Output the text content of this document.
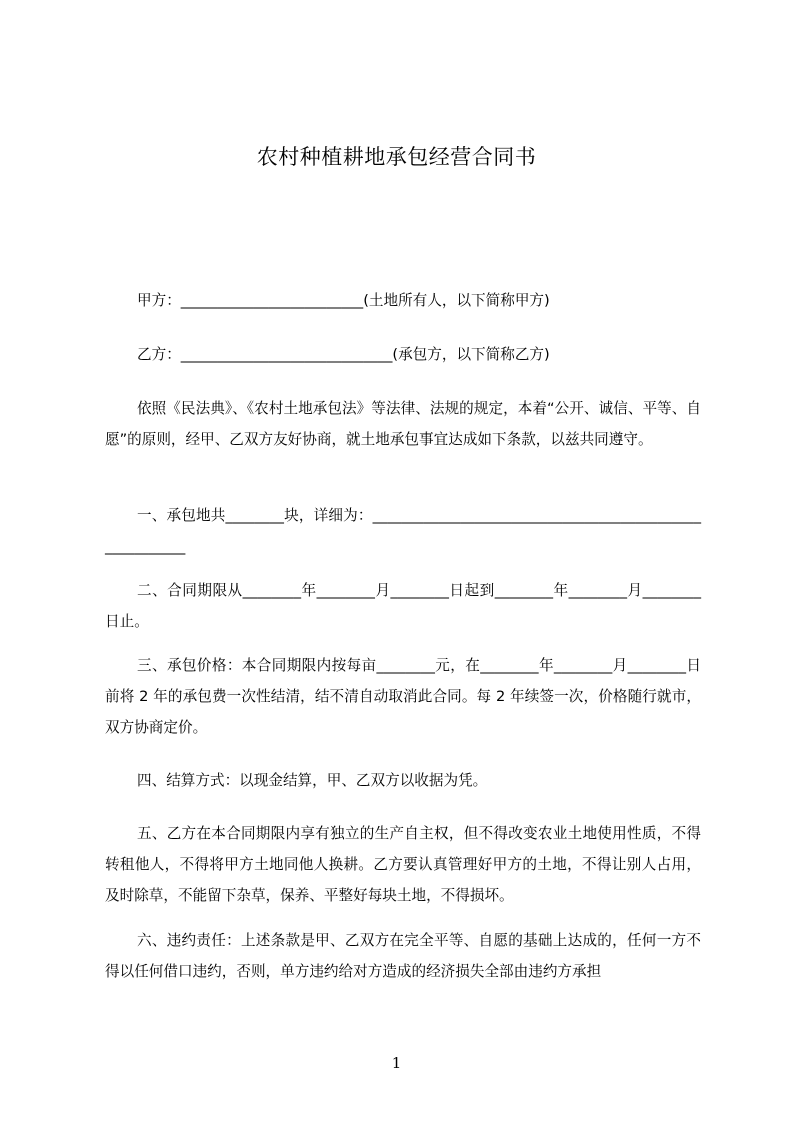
农村种植耕地承包经营合同书
甲方：_________________________(土地所有人，以下简称甲方)
乙方：_____________________________(承包方，以下简称乙方)
依照《民法典》、《农村土地承包法》等法律、法规的规定，本着“公开、诚信、平等、自愿”的原则，经甲、乙双方友好协商，就土地承包事宜达成如下条款，以兹共同遵守。
一、承包地共________块，详细为：________________________________________________________
二、合同期限从________年________月________日起到________年________月________日止。
三、承包价格：本合同期限内按每亩________元，在________年________月________日前将 2 年的承包费一次性结清，结不清自动取消此合同。每 2 年续签一次，价格随行就市，双方协商定价。
四、结算方式：以现金结算，甲、乙双方以收据为凭。
五、乙方在本合同期限内享有独立的生产自主权，但不得改变农业土地使用性质，不得转租他人，不得将甲方土地同他人换耕。乙方要认真管理好甲方的土地，不得让别人占用，及时除草，不能留下杂草，保养、平整好每块土地，不得损坏。
六、违约责任：上述条款是甲、乙双方在完全平等、自愿的基础上达成的，任何一方不得以任何借口违约，否则，单方违约给对方造成的经济损失全部由违约方承担
1
